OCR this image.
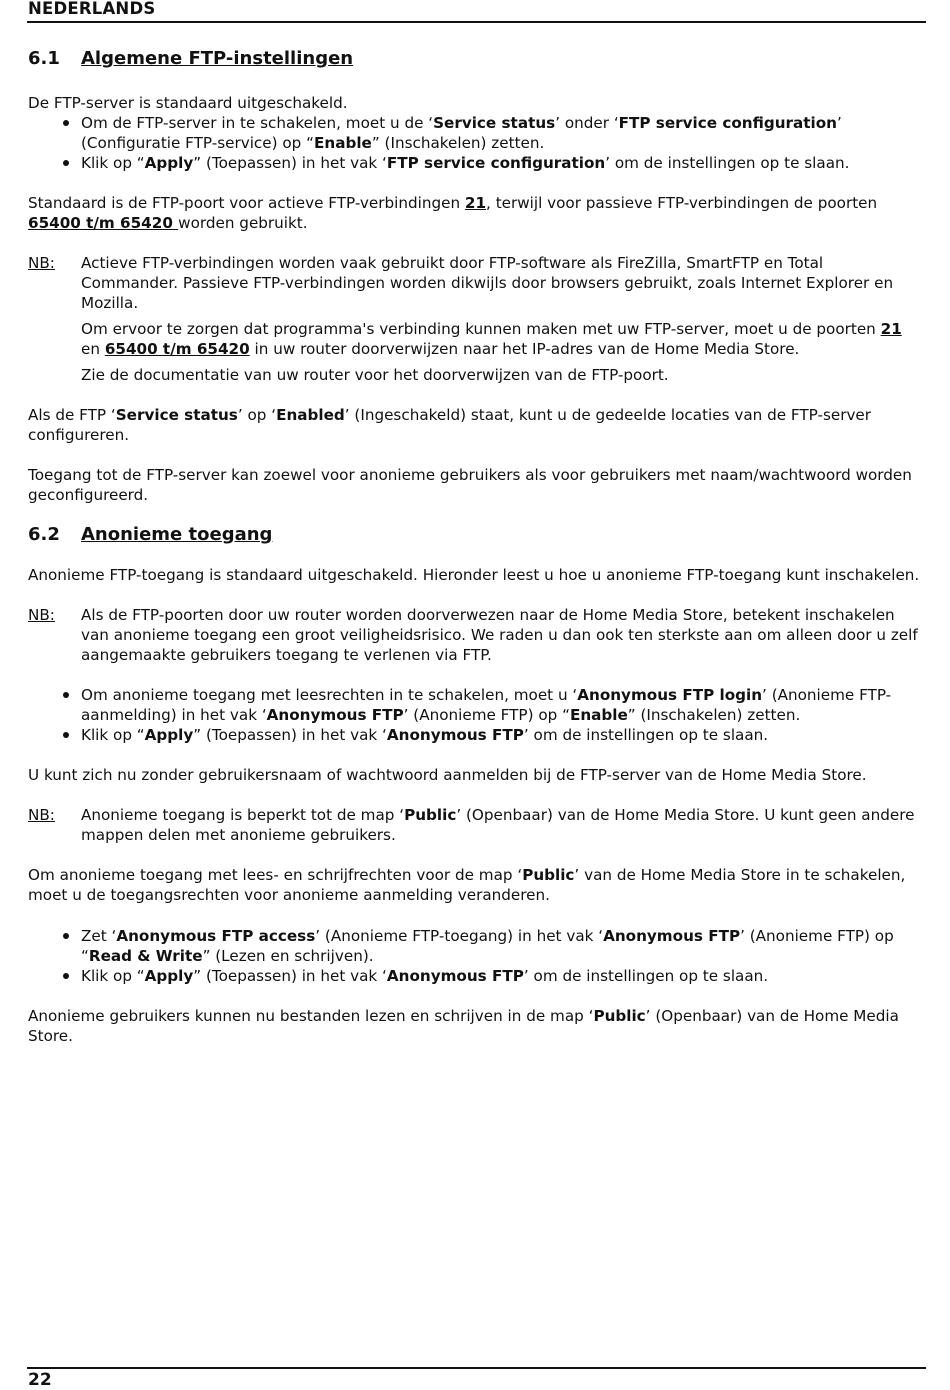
NEDERLANDS
6.1 Algemene FTP-instellingen

De FTP-server is standaard uitgeschakeld.

Om de FTP-server in te schakelen, moet u de ‘Service status’ onder ‘FTP service configuration’ (Configuratie FTP-service) op “Enable” (Inschakelen) zetten.
Klik op “Apply” (Toepassen) in het vak ‘FTP service configuration’ om de instellingen op te slaan.

Standaard is de FTP-poort voor actieve FTP-verbindingen 21, terwijl voor passieve FTP-verbindingen de poorten 65400 t/m 65420 worden gebruikt.

NB: Actieve FTP-verbindingen worden vaak gebruikt door FTP-software als FireZilla, SmartFTP en Total Commander. Passieve FTP-verbindingen worden dikwijls door browsers gebruikt, zoals Internet Explorer en Mozilla.

Om ervoor te zorgen dat programma's verbinding kunnen maken met uw FTP-server, moet u de poorten 21 en 65400 t/m 65420 in uw router doorverwijzen naar het IP-adres van de Home Media Store.

Zie de documentatie van uw router voor het doorverwijzen van de FTP-poort.

Als de FTP ‘Service status’ op ‘Enabled’ (Ingeschakeld) staat, kunt u de gedeelde locaties van de FTP-server configureren.

Toegang tot de FTP-server kan zoewel voor anonieme gebruikers als voor gebruikers met naam/wachtwoord worden geconfigureerd.

6.2 Anonieme toegang

Anonieme FTP-toegang is standaard uitgeschakeld. Hieronder leest u hoe u anonieme FTP-toegang kunt inschakelen.

NB: Als de FTP-poorten door uw router worden doorverwezen naar de Home Media Store, betekent inschakelen van anonieme toegang een groot veiligheidsrisico. We raden u dan ook ten sterkste aan om alleen door u zelf aangemaakte gebruikers toegang te verlenen via FTP.

Om anonieme toegang met leesrechten in te schakelen, moet u ‘Anonymous FTP login’ (Anonieme FTP-aanmelding) in het vak ‘Anonymous FTP’ (Anonieme FTP) op “Enable” (Inschakelen) zetten.
Klik op “Apply” (Toepassen) in het vak ‘Anonymous FTP’ om de instellingen op te slaan.

U kunt zich nu zonder gebruikersnaam of wachtwoord aanmelden bij de FTP-server van de Home Media Store.

NB: Anonieme toegang is beperkt tot de map ‘Public’ (Openbaar) van de Home Media Store. U kunt geen andere mappen delen met anonieme gebruikers.

Om anonieme toegang met lees- en schrijfrechten voor de map ‘Public’ van de Home Media Store in te schakelen, moet u de toegangsrechten voor anonieme aanmelding veranderen.

Zet ‘Anonymous FTP access’ (Anonieme FTP-toegang) in het vak ‘Anonymous FTP’ (Anonieme FTP) op “Read & Write” (Lezen en schrijven).
Klik op “Apply” (Toepassen) in het vak ‘Anonymous FTP’ om de instellingen op te slaan.

Anonieme gebruikers kunnen nu bestanden lezen en schrijven in de map ‘Public’ (Openbaar) van de Home Media Store.

22
